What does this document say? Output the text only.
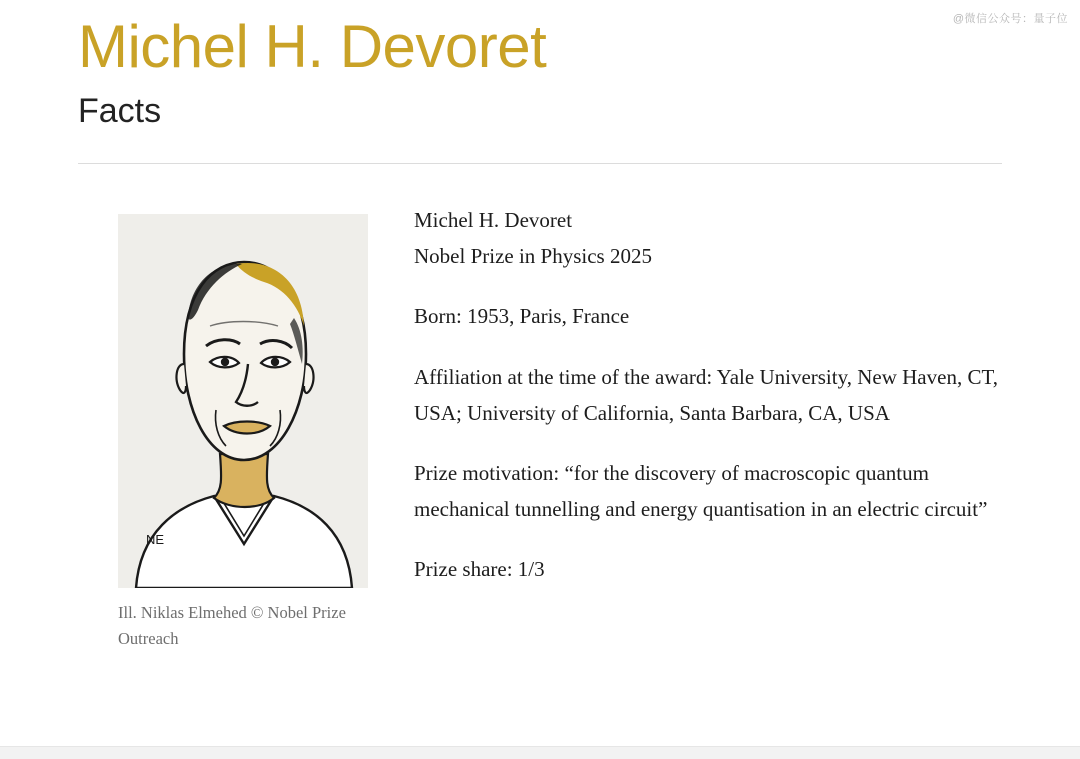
@微信公众号：量子位
Michel H. Devoret
Facts
NE
Ill. Niklas Elmehed © Nobel Prize Outreach

Michel H. Devoret
Nobel Prize in Physics 2025

Born: 1953, Paris, France

Affiliation at the time of the award: Yale University, New Haven, CT, USA; University of California, Santa Barbara, CA, USA

Prize motivation: “for the discovery of macroscopic quantum mechanical tunnelling and energy quantisation in an electric circuit”

Prize share: 1/3
